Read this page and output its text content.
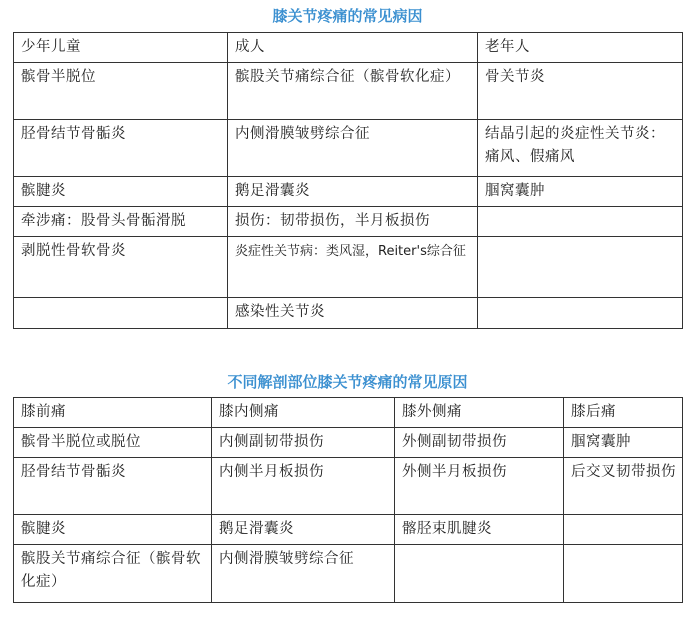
膝关节疼痛的常见病因
少年儿童	成人	老年人
髌骨半脱位	髌股关节痛综合征（髌骨软化症）	骨关节炎
胫骨结节骨骺炎	内侧滑膜皱劈综合征	结晶引起的炎症性关节炎：痛风、假痛风
髌腱炎	鹅足滑囊炎	腘窝囊肿
牵涉痛：股骨头骨骺滑脱	损伤：韧带损伤，半月板损伤	
剥脱性骨软骨炎	炎症性关节病：类风湿，Reiter's综合征	
	感染性关节炎	
不同解剖部位膝关节疼痛的常见原因
膝前痛	膝内侧痛	膝外侧痛	膝后痛
髌骨半脱位或脱位	内侧副韧带损伤	外侧副韧带损伤	腘窝囊肿
胫骨结节骨骺炎	内侧半月板损伤	外侧半月板损伤	后交叉韧带损伤
髌腱炎	鹅足滑囊炎	髂胫束肌腱炎	
髌股关节痛综合征（髌骨软化症）	内侧滑膜皱劈综合征		
